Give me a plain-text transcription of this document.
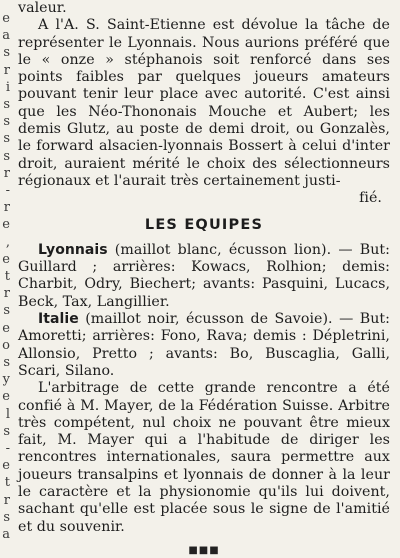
e
a
s
r
i
s
s
s
s
r
-
r
e
,
e
t
r
s
e
o
s
y
e
l
s
-
e
t
r
s
a

valeur.

A l'A. S. Saint-Etienne est dévolue la tâche de représenter le Lyonnais. Nous aurions préféré que le « onze » stéphanois soit renforcé dans ses points faibles par quelques joueurs amateurs pouvant tenir leur place avec autorité. C'est ainsi que les Néo-Thononais Mouche et Aubert; les demis Glutz, au poste de demi droit, ou Gonzalès, le forward alsacien-lyonnais Bossert à celui d'inter droit, auraient mérité le choix des sélectionneurs régionaux et l'aurait très certainement justi-

fié.

LES EQUIPES

Lyonnais (maillot blanc, écusson lion). — But: Guillard ; arrières: Kowacs, Rolhion; demis: Charbit, Odry, Biechert; avants: Pasquini, Lucacs, Beck, Tax, Langillier.

Italie (maillot noir, écusson de Savoie). — But: Amoretti; arrières: Fono, Rava; demis : Dépletrini, Allonsio, Pretto ; avants: Bo, Buscaglia, Galli, Scari, Silano.

L'arbitrage de cette grande rencontre a été confié à M. Mayer, de la Fédération Suisse. Arbitre très compétent, nul choix ne pouvant être mieux fait, M. Mayer qui a l'habitude de diriger les rencontres internationales, saura permettre aux joueurs transalpins et lyonnais de donner à la leur le caractère et la physionomie qu'ils lui doivent, sachant qu'elle est placée sous le signe de l'amitié et du souvenir.

■■■
